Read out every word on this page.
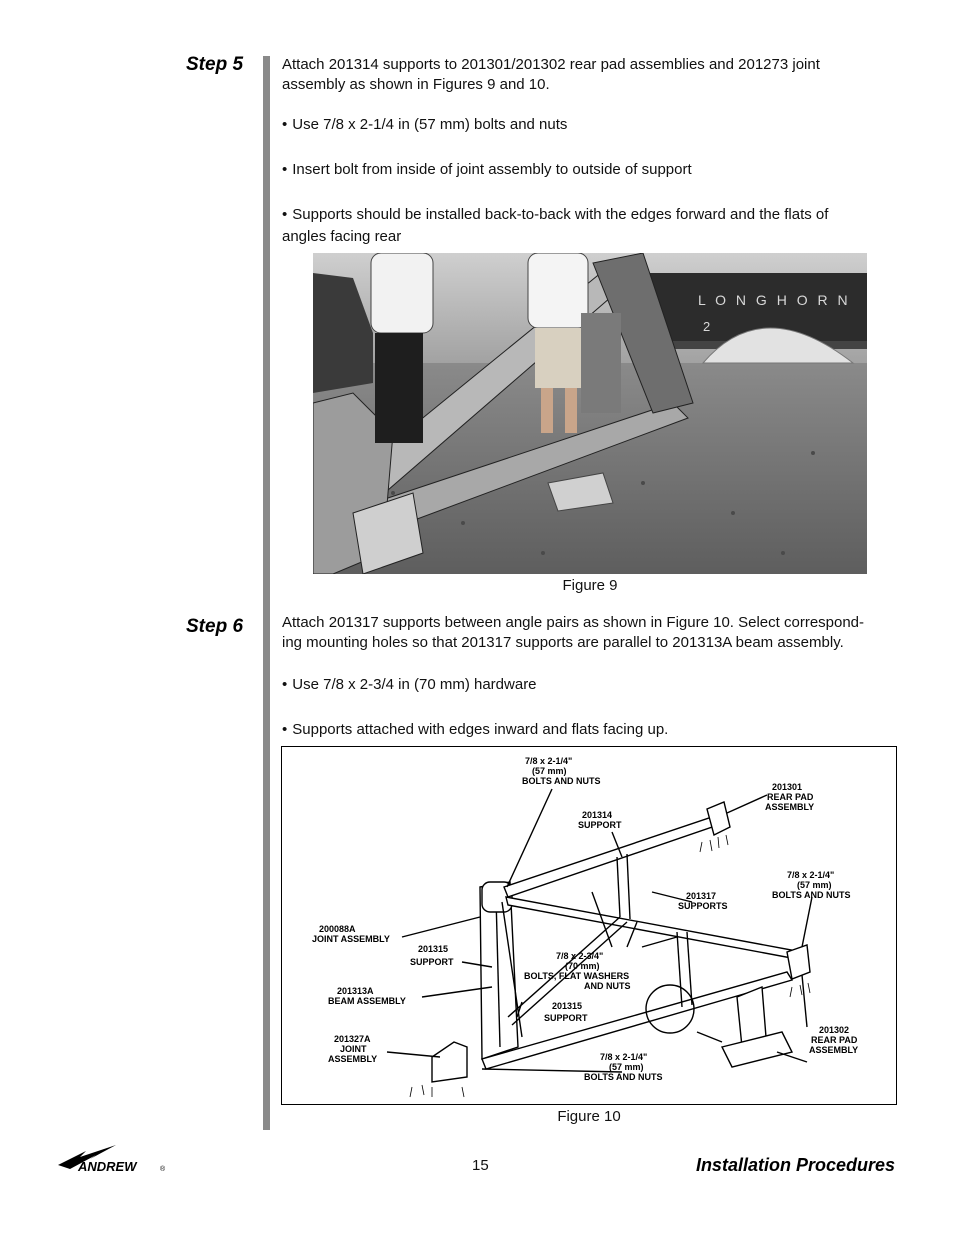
Step 5	Attach 201314 supports to 201301/201302 rear pad assemblies and 201273 joint
assembly as shown in Figures 9 and 10.
• Use 7/8 x 2-1/4 in (57 mm) bolts and nuts
• Insert bolt from inside of joint assembly to outside of support
• Supports should be installed back-to-back with the edges forward and the flats of
angles facing rear
L O N G H O R N
2
Figure 9
Step 6	Attach 201317 supports between angle pairs as shown in Figure 10. Select correspond-
ing mounting holes so that 201317 supports are parallel to 201313A beam assembly.
• Use 7/8 x 2-3/4 in (70 mm) hardware
• Supports attached with edges inward and flats facing up.
7/8 x 2-1/4"
(57 mm)
BOLTS AND NUTS
201301
REAR PAD
ASSEMBLY
201314
SUPPORT
201317
SUPPORTS
7/8 x 2-1/4"
(57 mm)
BOLTS AND NUTS
200088A
JOINT ASSEMBLY
201315
SUPPORT
7/8 x 2-3/4"
(70 mm)
BOLTS, FLAT WASHERS
AND NUTS
201313A
BEAM ASSEMBLY	201315
SUPPORT
201327A
JOINT
ASSEMBLY
201302
REAR PAD
ASSEMBLY
7/8 x 2-1/4"
(57 mm)
BOLTS AND NUTS
Figure 10
ANDREW	®	15	Installation Procedures
